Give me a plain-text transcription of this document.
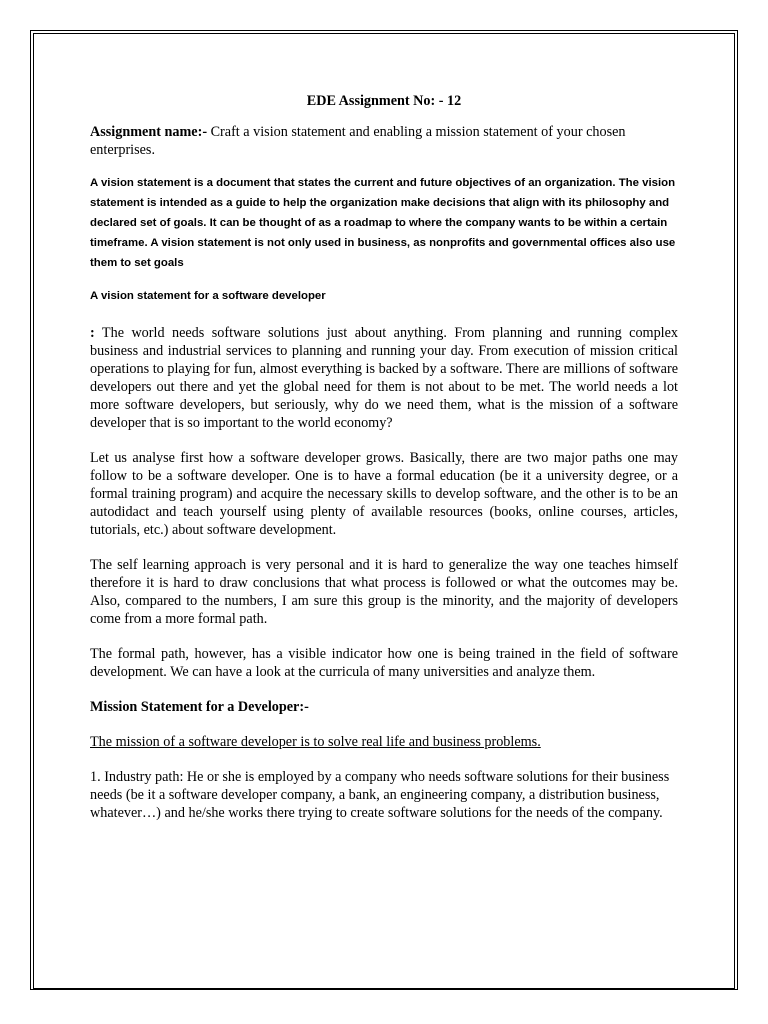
EDE Assignment No: - 12
Assignment name:- Craft a vision statement and enabling a mission statement of your chosen enterprises.
A vision statement is a document that states the current and future objectives of an organization. The vision statement is intended as a guide to help the organization make decisions that align with its philosophy and declared set of goals. It can be thought of as a roadmap to where the company wants to be within a certain timeframe. A vision statement is not only used in business, as nonprofits and governmental offices also use them to set goals
A vision statement for a software developer

: The world needs software solutions just about anything. From planning and running complex business and industrial services to planning and running your day. From execution of mission critical operations to playing for fun, almost everything is backed by a software. There are millions of software developers out there and yet the global need for them is not about to be met. The world needs a lot more software developers, but seriously, why do we need them, what is the mission of a software developer that is so important to the world economy?

Let us analyse first how a software developer grows. Basically, there are two major paths one may follow to be a software developer. One is to have a formal education (be it a university degree, or a formal training program) and acquire the necessary skills to develop software, and the other is to be an autodidact and teach yourself using plenty of available resources (books, online courses, articles, tutorials, etc.) about software development.

The self learning approach is very personal and it is hard to generalize the way one teaches himself therefore it is hard to draw conclusions that what process is followed or what the outcomes may be. Also, compared to the numbers, I am sure this group is the minority, and the majority of developers come from a more formal path.

The formal path, however, has a visible indicator how one is being trained in the field of software development. We can have a look at the curricula of many universities and analyze them.

Mission Statement for a Developer:-
The mission of a software developer is to solve real life and business problems.

1. Industry path: He or she is employed by a company who needs software solutions for their business needs (be it a software developer company, a bank, an engineering company, a distribution business, whatever…) and he/she works there trying to create software solutions for the needs of the company.
